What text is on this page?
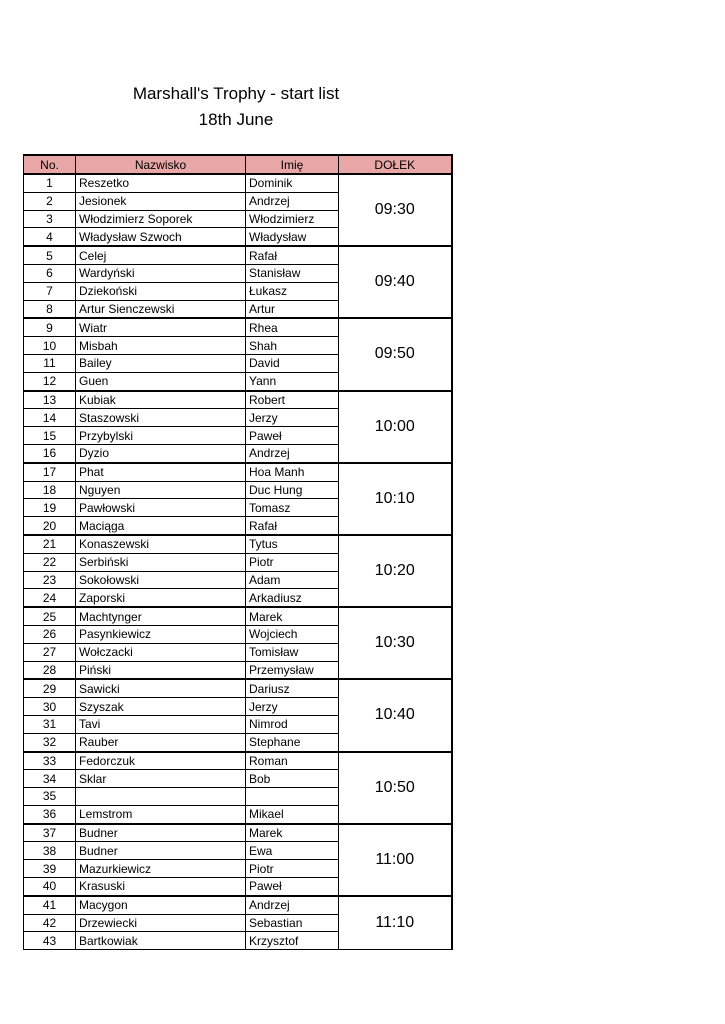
Marshall's Trophy - start list
18th June
No.	Nazwisko	Imię	DOŁEK
1	Reszetko	Dominik	09:30
2	Jesionek	Andrzej	
3	Włodzimierz Soporek	Włodzimierz	
4	Władysław Szwoch	Władysław	
5	Celej	Rafał	09:40
6	Wardyński	Stanisław	
7	Dziekoński	Łukasz	
8	Artur Sienczewski	Artur	
9	Wiatr	Rhea	09:50
10	Misbah	Shah	
11	Bailey	David	
12	Guen	Yann	
13	Kubiak	Robert	10:00
14	Staszowski	Jerzy	
15	Przybylski	Paweł	
16	Dyzio	Andrzej	
17	Phat	Hoa Manh	10:10
18	Nguyen	Duc Hung	
19	Pawłowski	Tomasz	
20	Maciąga	Rafał	
21	Konaszewski	Tytus	10:20
22	Serbiński	Piotr	
23	Sokołowski	Adam	
24	Zaporski	Arkadiusz	
25	Machtynger	Marek	10:30
26	Pasynkiewicz	Wojciech	
27	Wołczacki	Tomisław	
28	Piński	Przemysław	
29	Sawicki	Dariusz	10:40
30	Szyszak	Jerzy	
31	Tavi	Nimrod	
32	Rauber	Stephane	
33	Fedorczuk	Roman	10:50
34	Sklar	Bob	
35			
36	Lemstrom	Mikael	
37	Budner	Marek	11:00
38	Budner	Ewa	
39	Mazurkiewicz	Piotr	
40	Krasuski	Paweł	
41	Macygon	Andrzej	11:10
42	Drzewiecki	Sebastian	
43	Bartkowiak	Krzysztof	
